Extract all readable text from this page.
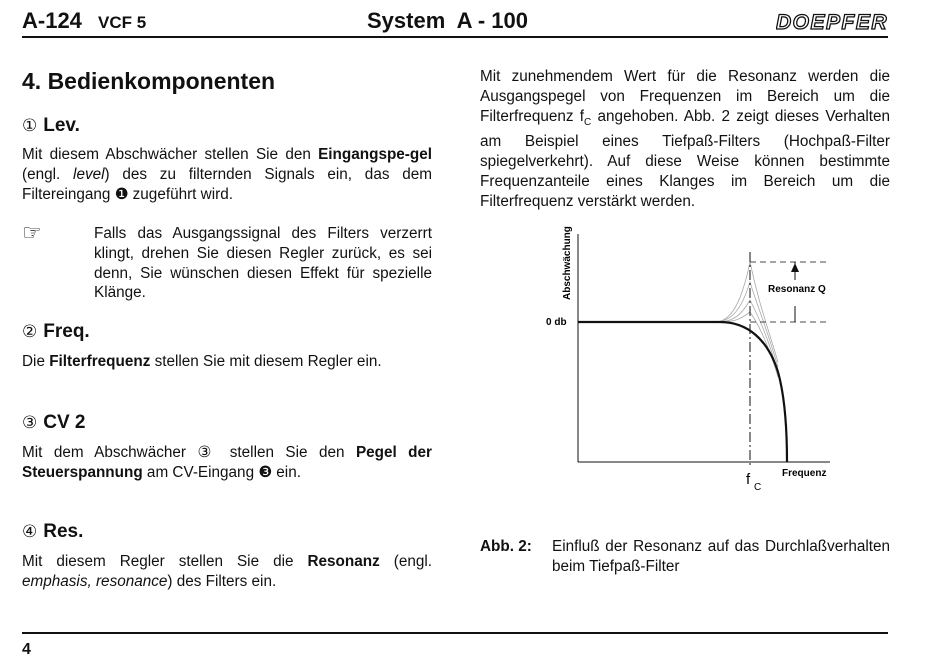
A-124 VCF 5	System  A - 100	DOEPFER
4. Bedienkomponenten
① Lev.
Mit diesem Abschwächer stellen Sie den Eingangspe-gel (engl. level) des zu filternden Signals ein, das dem Filtereingang ❶ zugeführt wird.
☞	Falls das Ausgangssignal des Filters verzerrt klingt, drehen Sie diesen Regler zurück, es sei denn, Sie wünschen diesen Effekt für spezielle Klänge.
② Freq.
Die Filterfrequenz stellen Sie mit diesem Regler ein.
③ CV 2
Mit dem Abschwächer ③ stellen Sie den Pegel der Steuerspannung am CV-Eingang ❸ ein.
④ Res.
Mit diesem Regler stellen Sie die Resonanz (engl. emphasis, resonance) des Filters ein.
Mit zunehmendem Wert für die Resonanz werden die Ausgangspegel von Frequenzen im Bereich um die Filterfrequenz $f_C$ angehoben. Abb. 2 zeigt dieses Verhalten am Beispiel eines Tiefpaß-Filters (Hochpaß-Filter spiegelverkehrt). Auf diese Weise können bestimmte Frequenzanteile eines Klanges im Bereich um die Filterfrequenz verstärkt werden.
Abschwächung
0 db
Resonanz Q
Frequenz
f C
Abb. 2: Einfluß der Resonanz auf das Durchlaßverhalten beim Tiefpaß-Filter
4
